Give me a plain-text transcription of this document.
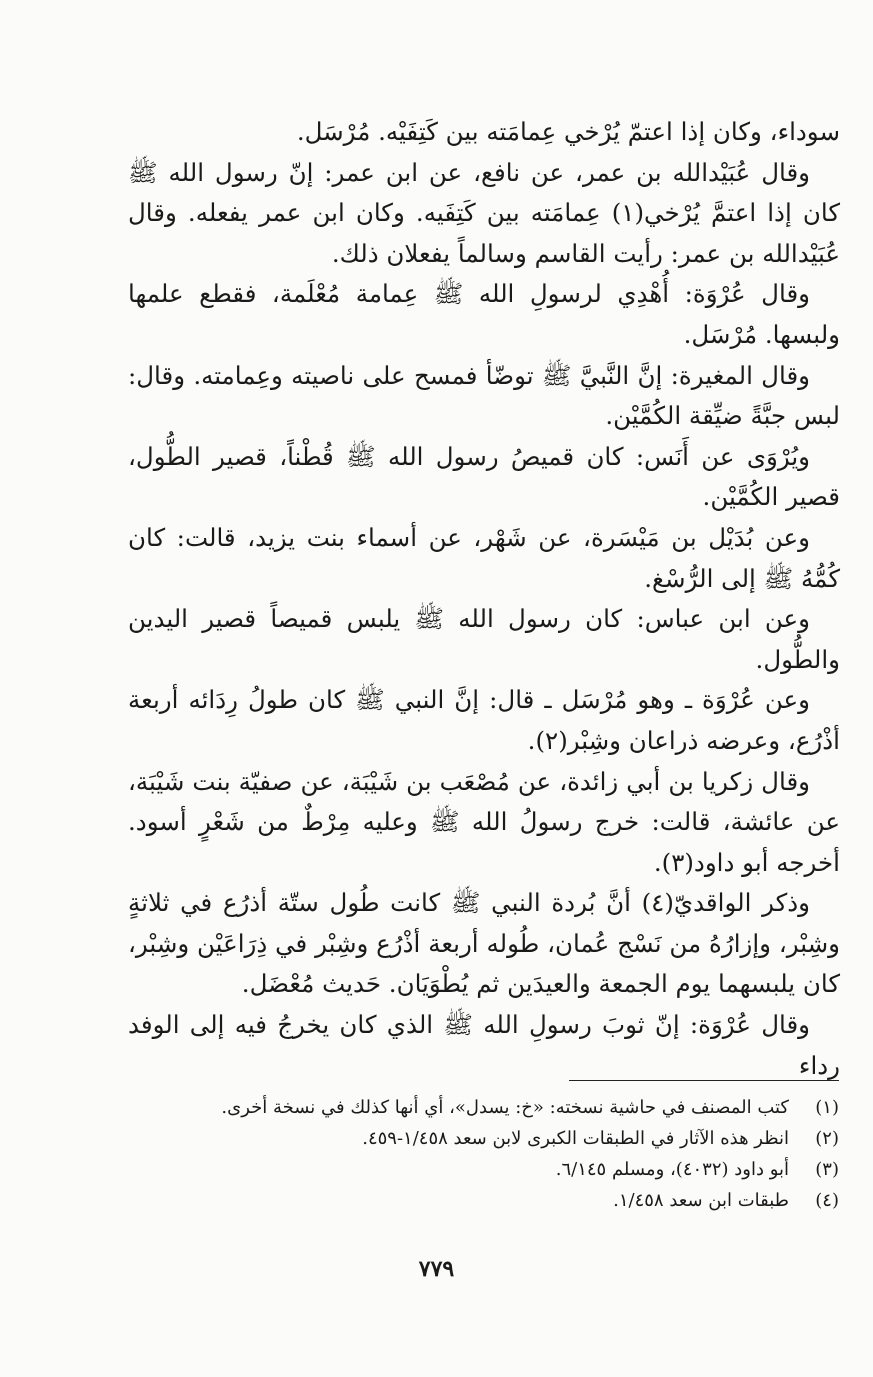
سوداء، وكان إذا اعتمّ يُرْخي عِمامَته بين كَتِفَيْه. مُرْسَل.

وقال عُبَيْدالله بن عمر، عن نافع، عن ابن عمر: إنّ رسول الله ﷺ كان إذا اعتمَّ يُرْخي(١) عِمامَته بين كَتِفَيه. وكان ابن عمر يفعله. وقال عُبَيْدالله بن عمر: رأيت القاسم وسالماً يفعلان ذلك.

وقال عُرْوَة: أُهْدِي لرسولِ الله ﷺ عِمامة مُعْلَمة، فقطع علمها ولبسها. مُرْسَل.

وقال المغيرة: إنَّ النَّبيَّ ﷺ توضّأ فمسح على ناصيته وعِمامته. وقال: لبس جبَّةً ضيِّقة الكُمَّيْن.

ويُرْوَى عن أَنَس: كان قميصُ رسول الله ﷺ قُطْناً، قصير الطُّول، قصير الكُمَّيْن.

وعن بُدَيْل بن مَيْسَرة، عن شَهْر، عن أسماء بنت يزيد، قالت: كان كُمُّهُ ﷺ إلى الرُّسْغ.

وعن ابن عباس: كان رسول الله ﷺ يلبس قميصاً قصير اليدين والطُّول.

وعن عُرْوَة ـ وهو مُرْسَل ـ قال: إنَّ النبي ﷺ كان طولُ رِدَائه أربعة أذْرُع، وعرضه ذراعان وشِبْر(٢).

وقال زكريا بن أبي زائدة، عن مُصْعَب بن شَيْبَة، عن صفيّة بنت شَيْبَة، عن عائشة، قالت: خرج رسولُ الله ﷺ وعليه مِرْطٌ من شَعْرٍ أسود. أخرجه أبو داود(٣).

وذكر الواقديّ(٤) أنَّ بُردة النبي ﷺ كانت طُول ستّة أذرُع في ثلاثةٍ وشِبْر، وإزارُهُ من نَسْج عُمان، طُوله أربعة أذْرُع وشِبْر في ذِرَاعَيْن وشِبْر، كان يلبسهما يوم الجمعة والعيدَين ثم يُطْوَيَان. حَديث مُعْضَل.

وقال عُرْوَة: إنّ ثوبَ رسولِ الله ﷺ الذي كان يخرجُ فيه إلى الوفد رداء

(١)
كتب المصنف في حاشية نسخته: «خ: يسدل»، أي أنها كذلك في نسخة أخرى.
(٢)
انظر هذه الآثار في الطبقات الكبرى لابن سعد ١/٤٥٨-٤٥٩.
(٣)
أبو داود (٤٠٣٢)، ومسلم ٦/١٤٥.
(٤)
طبقات ابن سعد ١/٤٥٨.
٧٧٩
